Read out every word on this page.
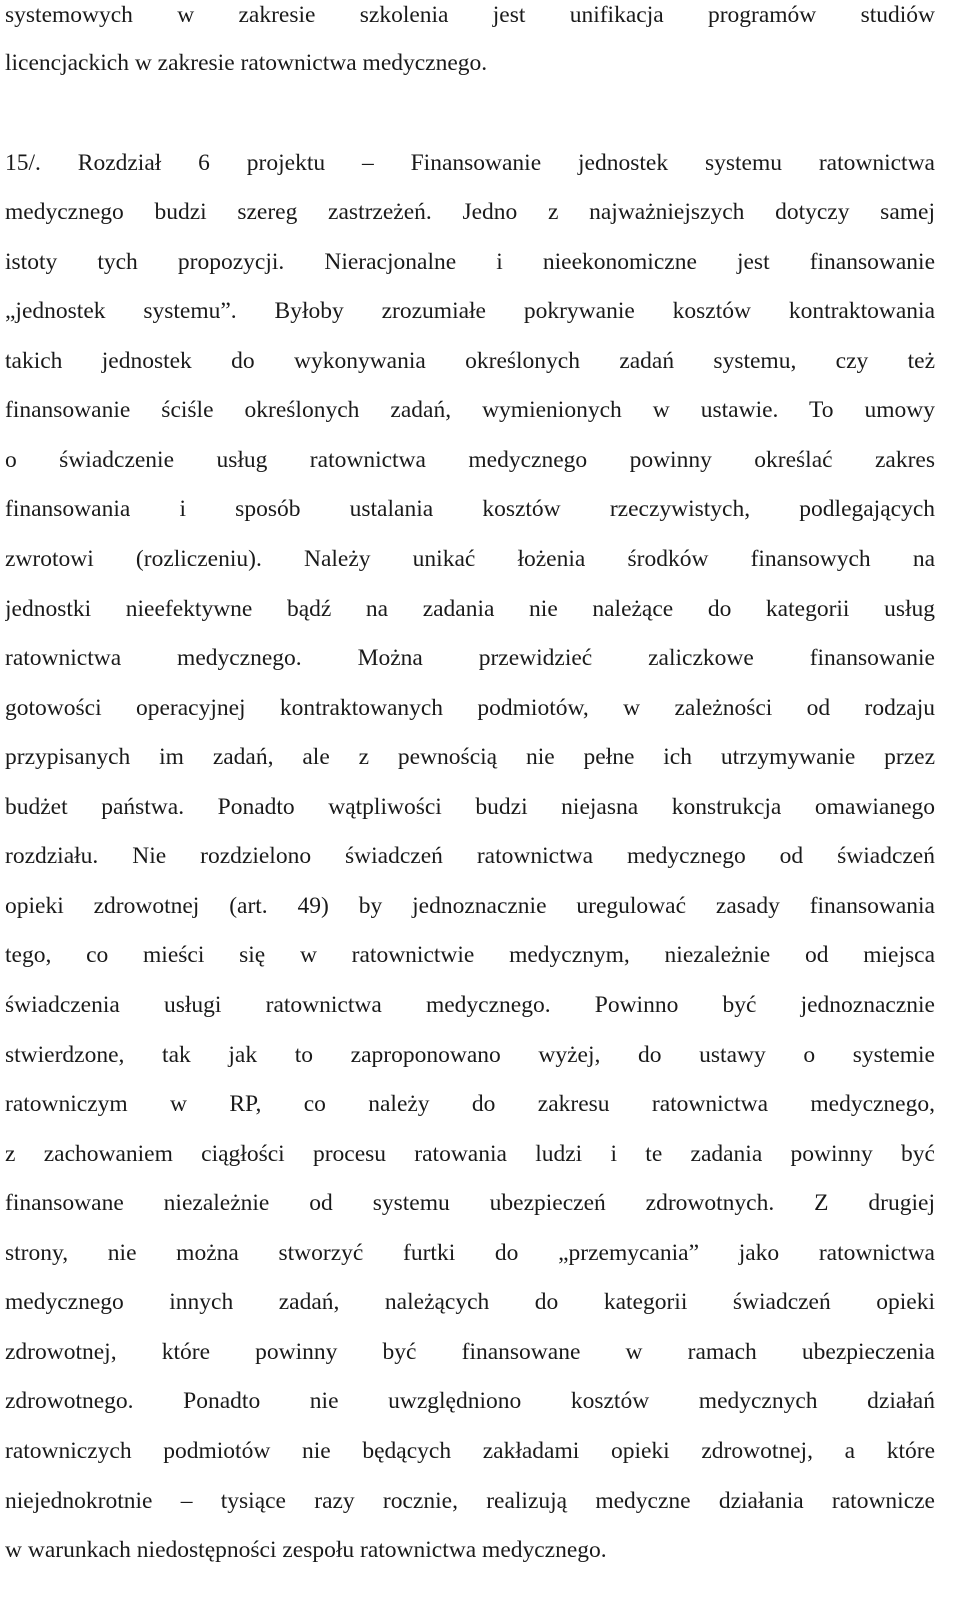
systemowych w zakresie szkolenia jest unifikacja programów studiów
licencjackich w zakresie ratownictwa medycznego.
15/. Rozdział 6 projektu – Finansowanie jednostek systemu ratownictwa
medycznego budzi szereg zastrzeżeń. Jedno z najważniejszych dotyczy samej
istoty tych propozycji. Nieracjonalne i nieekonomiczne jest finansowanie
„jednostek systemu”. Byłoby zrozumiałe pokrywanie kosztów kontraktowania
takich jednostek do wykonywania określonych zadań systemu, czy też
finansowanie ściśle określonych zadań, wymienionych w ustawie. To umowy
o świadczenie usług ratownictwa medycznego powinny określać zakres
finansowania i sposób ustalania kosztów rzeczywistych, podlegających
zwrotowi (rozliczeniu). Należy unikać łożenia środków finansowych na
jednostki nieefektywne bądź na zadania nie należące do kategorii usług
ratownictwa medycznego. Można przewidzieć zaliczkowe finansowanie
gotowości operacyjnej kontraktowanych podmiotów, w zależności od rodzaju
przypisanych im zadań, ale z pewnością nie pełne ich utrzymywanie przez
budżet państwa. Ponadto wątpliwości budzi niejasna konstrukcja omawianego
rozdziału. Nie rozdzielono świadczeń ratownictwa medycznego od świadczeń
opieki zdrowotnej (art. 49) by jednoznacznie uregulować zasady finansowania
tego, co mieści się w ratownictwie medycznym, niezależnie od miejsca
świadczenia usługi ratownictwa medycznego. Powinno być jednoznacznie
stwierdzone, tak jak to zaproponowano wyżej, do ustawy o systemie
ratowniczym w RP, co należy do zakresu ratownictwa medycznego,
z zachowaniem ciągłości procesu ratowania ludzi i te zadania powinny być
finansowane niezależnie od systemu ubezpieczeń zdrowotnych. Z drugiej
strony, nie można stworzyć furtki do „przemycania” jako ratownictwa
medycznego innych zadań, należących do kategorii świadczeń opieki
zdrowotnej, które powinny być finansowane w ramach ubezpieczenia
zdrowotnego. Ponadto nie uwzględniono kosztów medycznych działań
ratowniczych podmiotów nie będących zakładami opieki zdrowotnej, a które
niejednokrotnie – tysiące razy rocznie, realizują medyczne działania ratownicze
w warunkach niedostępności zespołu ratownictwa medycznego.
